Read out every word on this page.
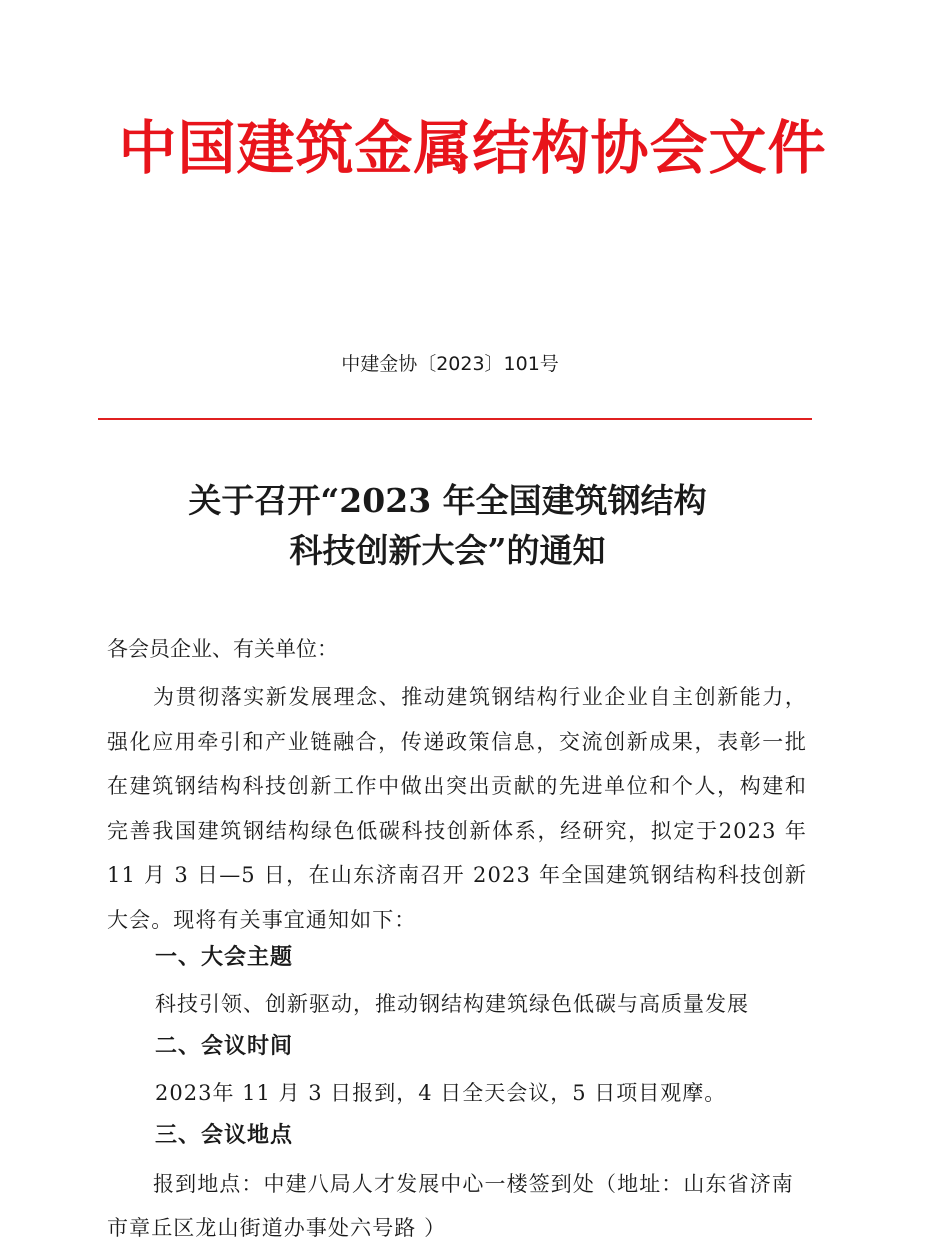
中国建筑金属结构协会文件
中建金协〔2023〕101号
关于召开“2023 年全国建筑钢结构
科技创新大会”的通知
各会员企业、有关单位：
为贯彻落实新发展理念、推动建筑钢结构行业企业自主创新能力，强化应用牵引和产业链融合，传递政策信息，交流创新成果，表彰一批在建筑钢结构科技创新工作中做出突出贡献的先进单位和个人，构建和完善我国建筑钢结构绿色低碳科技创新体系，经研究，拟定于2023 年 11 月 3 日—5 日，在山东济南召开 2023 年全国建筑钢结构科技创新大会。现将有关事宜通知如下：
一、大会主题
科技引领、创新驱动，推动钢结构建筑绿色低碳与高质量发展
二、会议时间
2023年 11 月 3 日报到，4 日全天会议，5 日项目观摩。
三、会议地点
报到地点：中建八局人才发展中心一楼签到处（地址：山东省济南市章丘区龙山街道办事处六号路 ）
